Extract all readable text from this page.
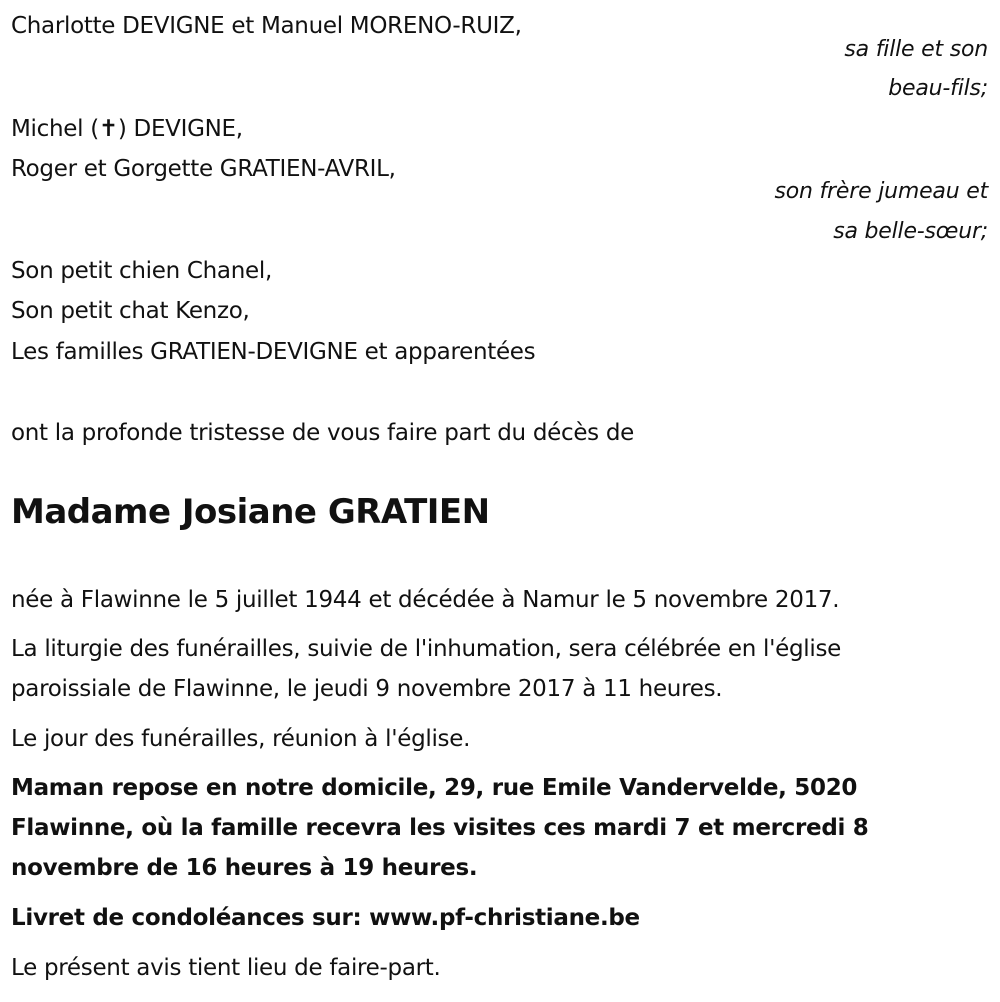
Charlotte DEVIGNE et Manuel MORENO-RUIZ,
sa fille et son
beau-fils;
Michel (✝) DEVIGNE,
Roger et Gorgette GRATIEN-AVRIL,
son frère jumeau et
sa belle-sœur;
Son petit chien Chanel,
Son petit chat Kenzo,
Les familles GRATIEN-DEVIGNE et apparentées
ont la profonde tristesse de vous faire part du décès de
Madame Josiane GRATIEN
née à Flawinne le 5 juillet 1944 et décédée à Namur le 5 novembre 2017.
La liturgie des funérailles, suivie de l'inhumation, sera célébrée en l'église
paroissiale de Flawinne, le jeudi 9 novembre 2017 à 11 heures.
Le jour des funérailles, réunion à l'église.
Maman repose en notre domicile, 29, rue Emile Vandervelde, 5020
Flawinne, où la famille recevra les visites ces mardi 7 et mercredi 8
novembre de 16 heures à 19 heures.
Livret de condoléances sur: www.pf-christiane.be
Le présent avis tient lieu de faire-part.
